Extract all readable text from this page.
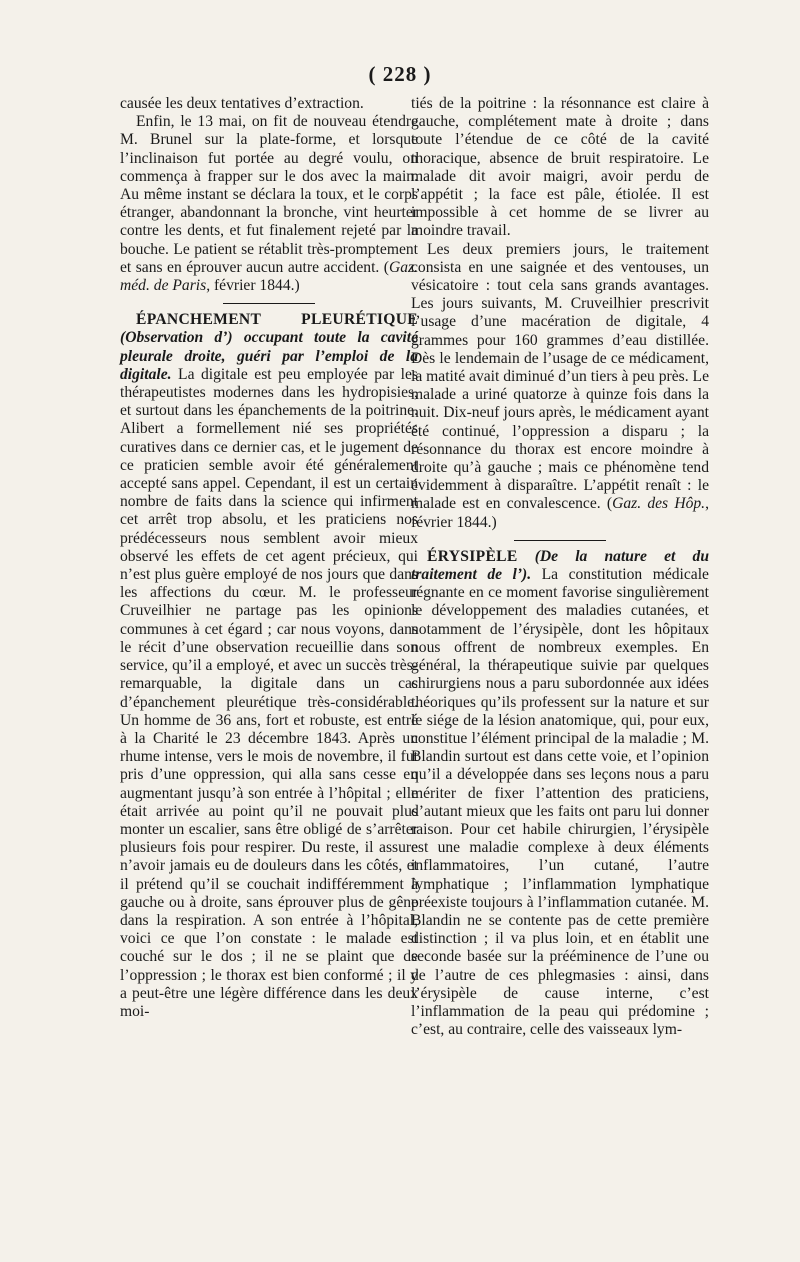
( 228 )

causée les deux tentatives d’extraction.

Enfin, le 13 mai, on fit de nouveau étendre M. Brunel sur la plate-forme, et lorsque l’inclinaison fut portée au degré voulu, on commença à frapper sur le dos avec la main. Au même instant se déclara la toux, et le corps étranger, abandonnant la bronche, vint heurter contre les dents, et fut finalement rejeté par la bouche. Le patient se rétablit très-promptement et sans en éprouver aucun autre accident. (Gaz. méd. de Paris, février 1844.)

ÉPANCHEMENT PLEURÉTIQUE (Observation d’) occupant toute la cavité pleurale droite, guéri par l’emploi de la digitale. La digitale est peu employée par les thérapeutistes modernes dans les hydropisies, et surtout dans les épanchements de la poitrine. Alibert a formellement nié ses propriétés curatives dans ce dernier cas, et le jugement de ce praticien semble avoir été généralement accepté sans appel. Cependant, il est un certain nombre de faits dans la science qui infirment cet arrêt trop absolu, et les praticiens nos prédécesseurs nous semblent avoir mieux observé les effets de cet agent précieux, qui n’est plus guère employé de nos jours que dans les affections du cœur. M. le professeur Cruveilhier ne partage pas les opinions communes à cet égard ; car nous voyons, dans le récit d’une observation recueillie dans son service, qu’il a employé, et avec un succès très-remarquable, la digitale dans un cas d’épanchement pleurétique très-considérable. Un homme de 36 ans, fort et robuste, est entré à la Charité le 23 décembre 1843. Après un rhume intense, vers le mois de novembre, il fut pris d’une oppression, qui alla sans cesse en augmentant jusqu’à son entrée à l’hôpital ; elle était arrivée au point qu’il ne pouvait plus monter un escalier, sans être obligé de s’arrêter plusieurs fois pour respirer. Du reste, il assure n’avoir jamais eu de douleurs dans les côtés, et il prétend qu’il se couchait indifféremment à gauche ou à droite, sans éprouver plus de gêne dans la respiration. A son entrée à l’hôpital, voici ce que l’on constate : le malade est couché sur le dos ; il ne se plaint que de l’oppression ; le thorax est bien conformé ; il y a peut-être une légère différence dans les deux moi-

tiés de la poitrine : la résonnance est claire à gauche, complétement mate à droite ; dans toute l’étendue de ce côté de la cavité thoracique, absence de bruit respiratoire. Le malade dit avoir maigri, avoir perdu de l’appétit ; la face est pâle, étiolée. Il est impossible à cet homme de se livrer au moindre travail.

Les deux premiers jours, le traitement consista en une saignée et des ventouses, un vésicatoire : tout cela sans grands avantages. Les jours suivants, M. Cruveilhier prescrivit l’usage d’une macération de digitale, 4 grammes pour 160 grammes d’eau distillée. Dès le lendemain de l’usage de ce médicament, la matité avait diminué d’un tiers à peu près. Le malade a uriné quatorze à quinze fois dans la nuit. Dix-neuf jours après, le médicament ayant été continué, l’oppression a disparu ; la résonnance du thorax est encore moindre à droite qu’à gauche ; mais ce phénomène tend évidemment à disparaître. L’appétit renaît : le malade est en convalescence. (Gaz. des Hôp., février 1844.)

ÉRYSIPÈLE (De la nature et du traitement de l’). La constitution médicale régnante en ce moment favorise singulièrement le développement des maladies cutanées, et notamment de l’érysipèle, dont les hôpitaux nous offrent de nombreux exemples. En général, la thérapeutique suivie par quelques chirurgiens nous a paru subordonnée aux idées théoriques qu’ils professent sur la nature et sur le siége de la lésion anatomique, qui, pour eux, constitue l’élément principal de la maladie ; M. Blandin surtout est dans cette voie, et l’opinion qu’il a développée dans ses leçons nous a paru mériter de fixer l’attention des praticiens, d’autant mieux que les faits ont paru lui donner raison. Pour cet habile chirurgien, l’érysipèle est une maladie complexe à deux éléments inflammatoires, l’un cutané, l’autre lymphatique ; l’inflammation lymphatique préexiste toujours à l’inflammation cutanée. M. Blandin ne se contente pas de cette première distinction ; il va plus loin, et en établit une seconde basée sur la prééminence de l’une ou de l’autre de ces phlegmasies : ainsi, dans l’érysipèle de cause interne, c’est l’inflammation de la peau qui prédomine ; c’est, au contraire, celle des vaisseaux lym-
